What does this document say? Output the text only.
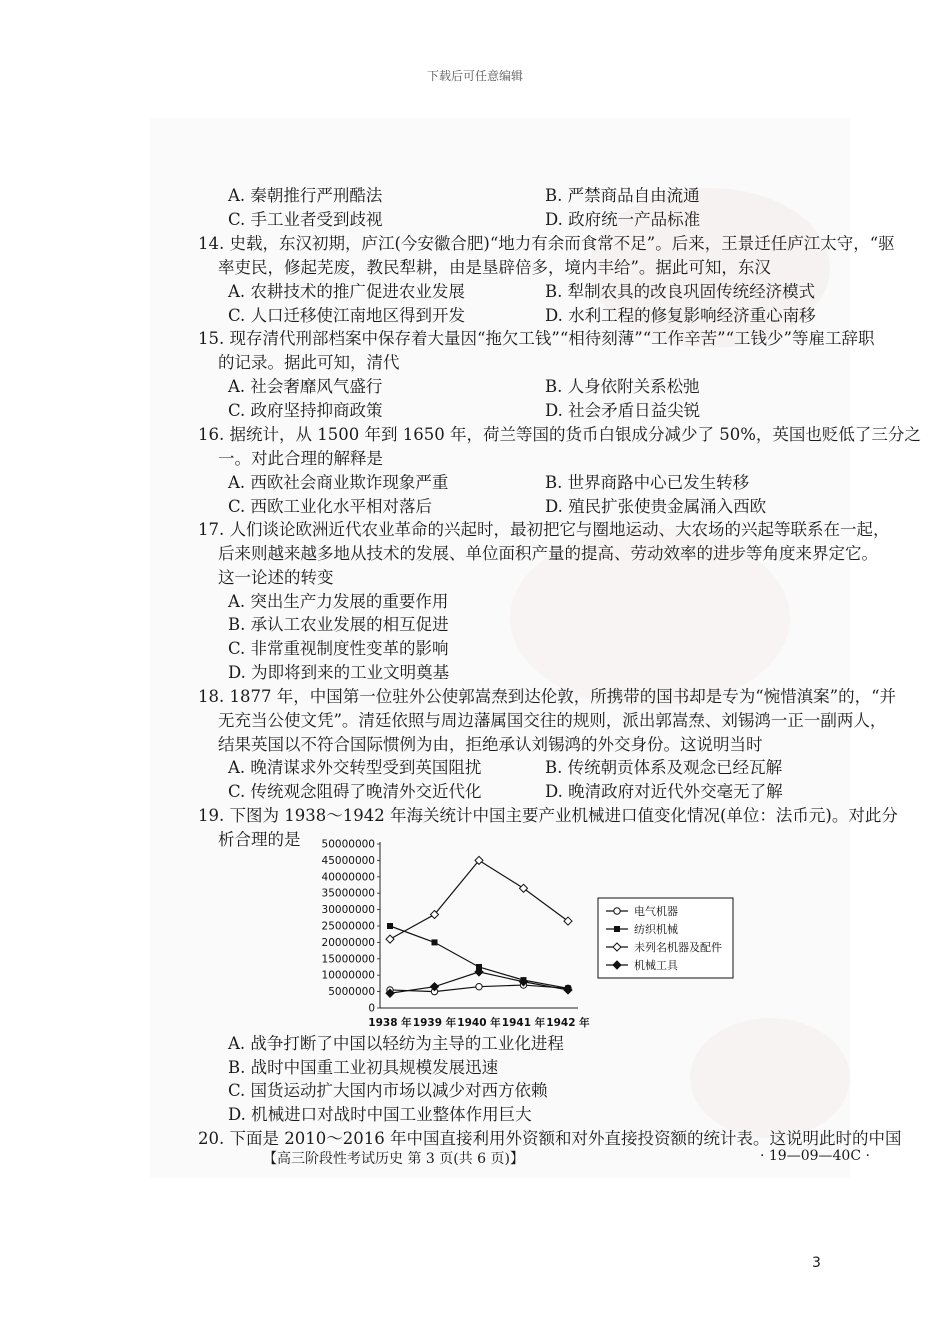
下载后可任意编辑
A. 秦朝推行严刑酷法	B. 严禁商品自由流通
C. 手工业者受到歧视	D. 政府统一产品标准
14. 史载，东汉初期，庐江(今安徽合肥)“地力有余而食常不足”。后来，王景迁任庐江太守，“驱
率吏民，修起芜废，教民犁耕，由是垦辟倍多，境内丰给”。据此可知，东汉
A. 农耕技术的推广促进农业发展	B. 犁制农具的改良巩固传统经济模式
C. 人口迁移使江南地区得到开发	D. 水利工程的修复影响经济重心南移
15. 现存清代刑部档案中保存着大量因“拖欠工钱”“相待刻薄”“工作辛苦”“工钱少”等雇工辞职
的记录。据此可知，清代
A. 社会奢靡风气盛行	B. 人身依附关系松弛
C. 政府坚持抑商政策	D. 社会矛盾日益尖锐
16. 据统计，从 1500 年到 1650 年，荷兰等国的货币白银成分减少了 50%，英国也贬低了三分之
一。对此合理的解释是
A. 西欧社会商业欺诈现象严重	B. 世界商路中心已发生转移
C. 西欧工业化水平相对落后	D. 殖民扩张使贵金属涌入西欧
17. 人们谈论欧洲近代农业革命的兴起时，最初把它与圈地运动、大农场的兴起等联系在一起，
后来则越来越多地从技术的发展、单位面积产量的提高、劳动效率的进步等角度来界定它。
这一论述的转变
A. 突出生产力发展的重要作用
B. 承认工农业发展的相互促进
C. 非常重视制度性变革的影响
D. 为即将到来的工业文明奠基
18. 1877 年，中国第一位驻外公使郭嵩焘到达伦敦，所携带的国书却是专为“惋惜滇案”的，“并
无充当公使文凭”。清廷依照与周边藩属国交往的规则，派出郭嵩焘、刘锡鸿一正一副两人，
结果英国以不符合国际惯例为由，拒绝承认刘锡鸿的外交身份。这说明当时
A. 晚清谋求外交转型受到英国阻扰	B. 传统朝贡体系及观念已经瓦解
C. 传统观念阻碍了晚清外交近代化	D. 晚清政府对近代外交毫无了解
19. 下图为 1938～1942 年海关统计中国主要产业机械进口值变化情况(单位：法币元)。对此分
析合理的是
A. 战争打断了中国以轻纺为主导的工业化进程
B. 战时中国重工业初具规模发展迅速
C. 国货运动扩大国内市场以减少对西方依赖
D. 机械进口对战时中国工业整体作用巨大
20. 下面是 2010～2016 年中国直接利用外资额和对外直接投资额的统计表。这说明此时的中国
0
5000000
10000000
15000000
20000000
25000000
30000000
35000000
40000000
45000000
50000000
1938 年 1939 年 1940 年 1941 年 1942 年
电气机器
纺织机械
未列名机器及配件
机械工具
【高三阶段性考试历史 第 3 页(共 6 页)】	· 19—09—40C ·
3
